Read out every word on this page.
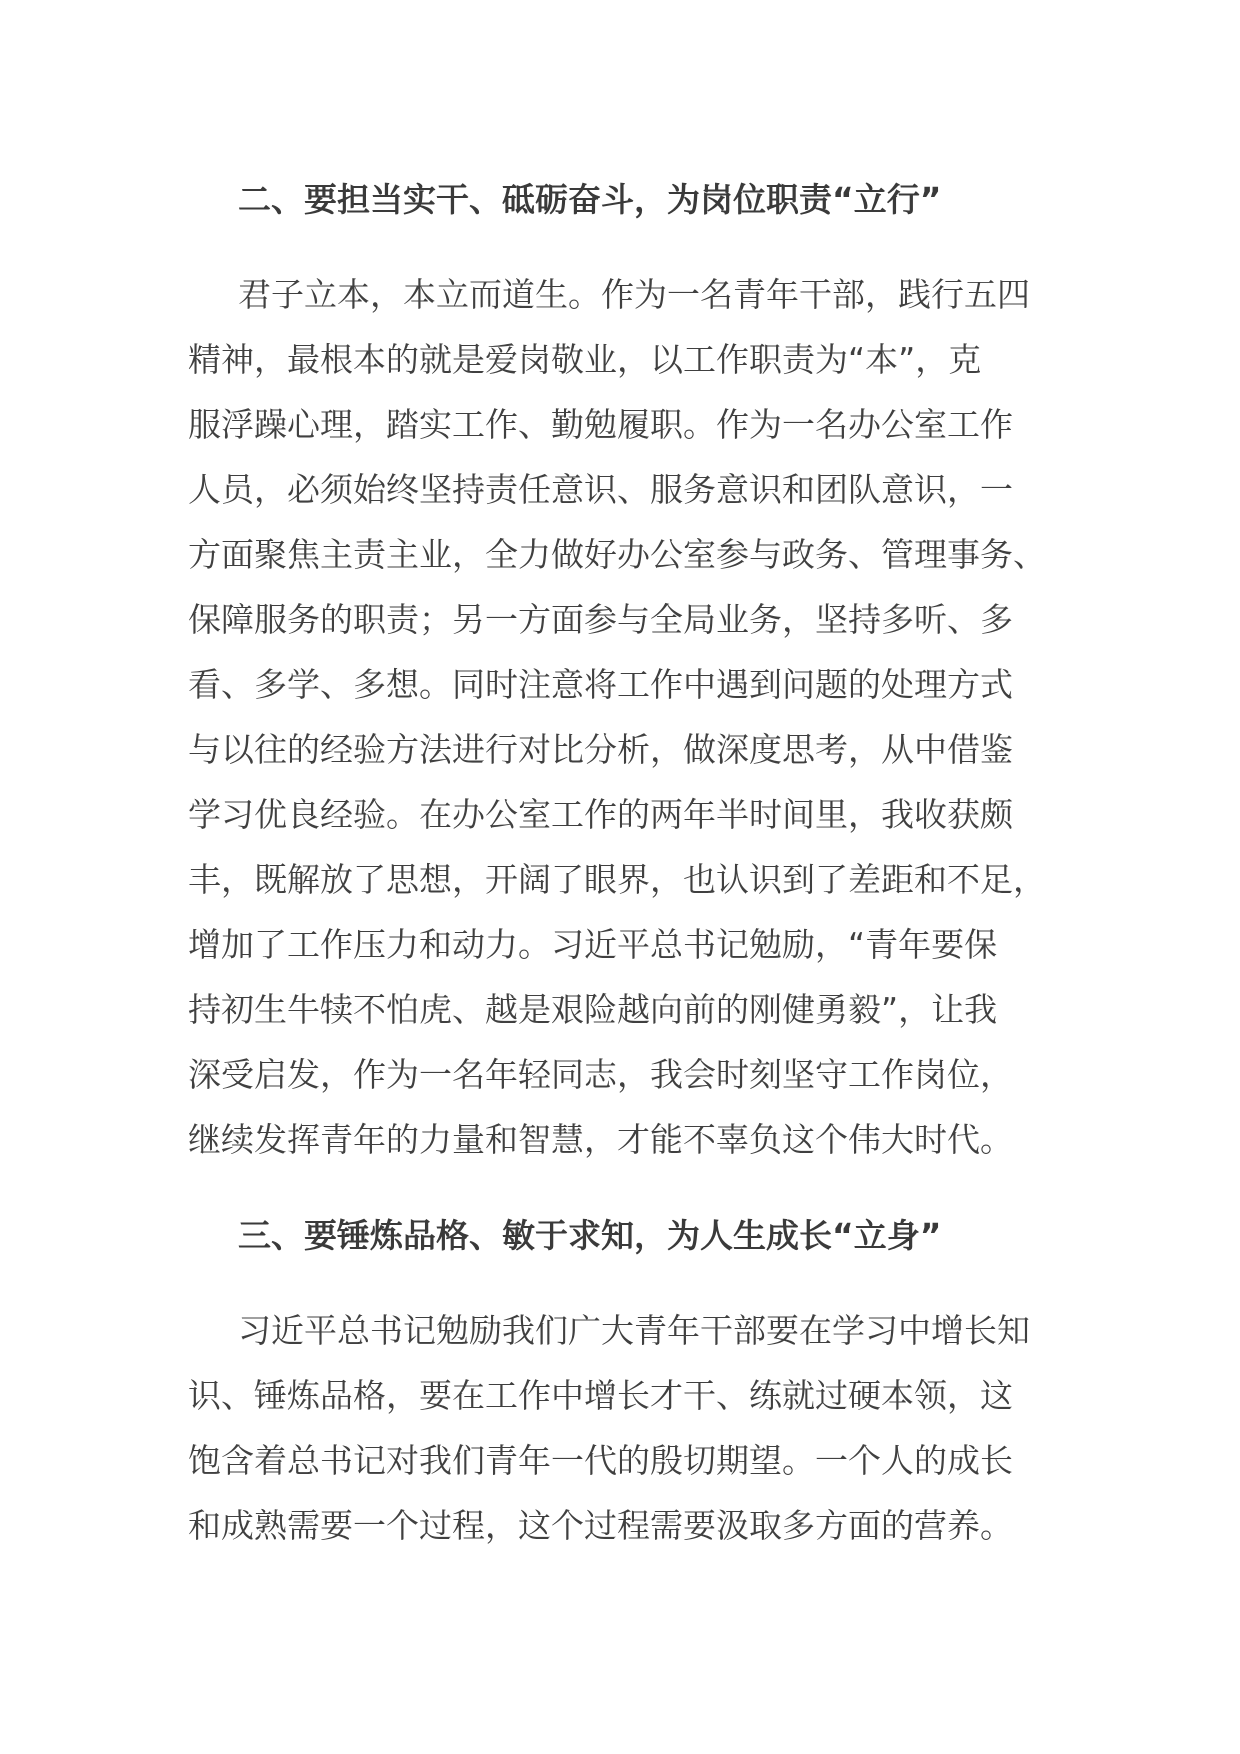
二、要担当实干、砥砺奋斗，为岗位职责“立行”
君子立本，本立而道生。作为一名青年干部，践行五四
精神，最根本的就是爱岗敬业，以工作职责为“本”，克
服浮躁心理，踏实工作、勤勉履职。作为一名办公室工作
人员，必须始终坚持责任意识、服务意识和团队意识，一
方面聚焦主责主业，全力做好办公室参与政务、管理事务、
保障服务的职责；另一方面参与全局业务，坚持多听、多
看、多学、多想。同时注意将工作中遇到问题的处理方式
与以往的经验方法进行对比分析，做深度思考，从中借鉴
学习优良经验。在办公室工作的两年半时间里，我收获颇
丰，既解放了思想，开阔了眼界，也认识到了差距和不足，
增加了工作压力和动力。习近平总书记勉励，“青年要保
持初生牛犊不怕虎、越是艰险越向前的刚健勇毅”，让我
深受启发，作为一名年轻同志，我会时刻坚守工作岗位，
继续发挥青年的力量和智慧，才能不辜负这个伟大时代。
三、要锤炼品格、敏于求知，为人生成长“立身”
习近平总书记勉励我们广大青年干部要在学习中增长知
识、锤炼品格，要在工作中增长才干、练就过硬本领，这
饱含着总书记对我们青年一代的殷切期望。一个人的成长
和成熟需要一个过程，这个过程需要汲取多方面的营养。
